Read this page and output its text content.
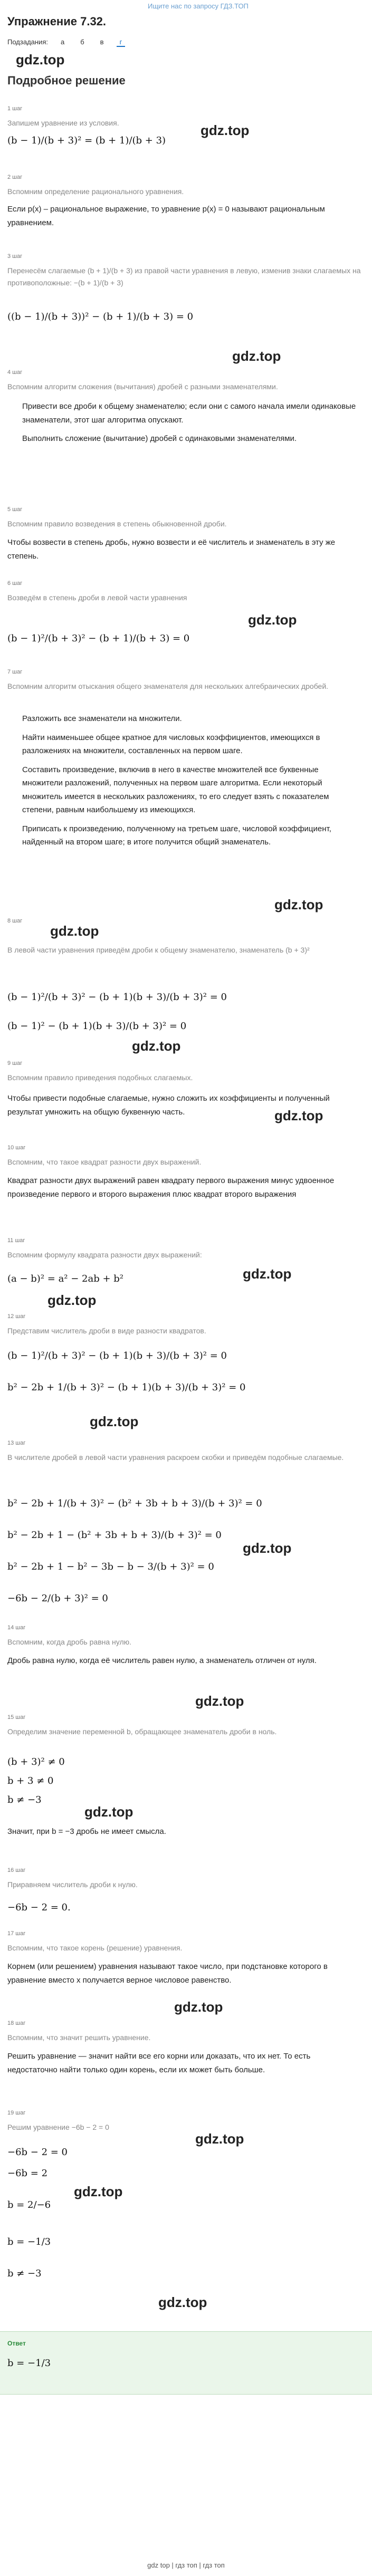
Ищите нас по запросу ГДЗ.ТОП
Упражнение 7.32.
Подзадания:	а	б	в	г
gdz.top
Подробное решение
gdz.top
1 шаг
Запишем уравнение из условия.
(b − 1)/(b + 3)² = (b + 1)/(b + 3)
2 шаг
Вспомним определение рационального уравнения.
Если p(x) – рациональное выражение, то уравнение p(x) = 0 называют рациональным уравнением.
3 шаг
Перенесём слагаемые (b + 1)/(b + 3) из правой части уравнения в левую, изменив знаки слагаемых на противоположные: −(b + 1)/(b + 3)
((b − 1)/(b + 3))² − (b + 1)/(b + 3) = 0
gdz.top
4 шаг
Вспомним алгоритм сложения (вычитания) дробей с разными знаменателями.
Привести все дроби к общему знаменателю; если они с самого начала имели одинаковые знаменатели, этот шаг алгоритма опускают.
Выполнить сложение (вычитание) дробей с одинаковыми знаменателями.
5 шаг
Вспомним правило возведения в степень обыкновенной дроби.
Чтобы возвести в степень дробь, нужно возвести и её числитель и знаменатель в эту же степень.
6 шаг
Возведём в степень дроби в левой части уравнения
gdz.top
(b − 1)²/(b + 3)² − (b + 1)/(b + 3) = 0
7 шаг
Вспомним алгоритм отыскания общего знаменателя для нескольких алгебраических дробей.
Разложить все знаменатели на множители.
Найти наименьшее общее кратное для числовых коэффициентов, имеющихся в разложениях на множители, составленных на первом шаге.
Составить произведение, включив в него в качестве множителей все буквенные множители разложений, полученных на первом шаге алгоритма. Если некоторый множитель имеется в нескольких разложениях, то его следует взять с показателем степени, равным наибольшему из имеющихся.
Приписать к произведению, полученному на третьем шаге, числовой коэффициент, найденный на втором шаге; в итоге получится общий знаменатель.
gdz.top
8 шаг
gdz.top
В левой части уравнения приведём дроби к общему знаменателю, знаменатель (b + 3)²
(b − 1)²/(b + 3)² − (b + 1)(b + 3)/(b + 3)² = 0
(b − 1)² − (b + 1)(b + 3)/(b + 3)² = 0
gdz.top
9 шаг
Вспомним правило приведения подобных слагаемых.
Чтобы привести подобные слагаемые, нужно сложить их коэффициенты и полученный результат умножить на общую буквенную часть.	gdz.top
10 шаг
Вспомним, что такое квадрат разности двух выражений.
Квадрат разности двух выражений равен квадрату первого выражения минус удвоенное произведение первого и второго выражения плюс квадрат второго выражения
11 шаг
Вспомним формулу квадрата разности двух выражений:
gdz.top
(a − b)² = a² − 2ab + b²
gdz.top
12 шаг
Представим числитель дроби в виде разности квадратов.
(b − 1)²/(b + 3)² − (b + 1)(b + 3)/(b + 3)² = 0
b² − 2b + 1/(b + 3)² − (b + 1)(b + 3)/(b + 3)² = 0
gdz.top
13 шаг
В числителе дробей в левой части уравнения раскроем скобки и приведём подобные слагаемые.
b² − 2b + 1/(b + 3)² − (b² + 3b + b + 3)/(b + 3)² = 0
b² − 2b + 1 − (b² + 3b + b + 3)/(b + 3)² = 0
gdz.top
b² − 2b + 1 − b² − 3b − b − 3/(b + 3)² = 0
−6b − 2/(b + 3)² = 0
14 шаг
Вспомним, когда дробь равна нулю.
Дробь равна нулю, когда её числитель равен нулю, а знаменатель отличен от нуля.
gdz.top
15 шаг
Определим значение переменной b, обращающее знаменатель дроби в ноль.
(b + 3)² ≠ 0
b + 3 ≠ 0
b ≠ −3
gdz.top
Значит, при b = −3 дробь не имеет смысла.
16 шаг
Приравняем числитель дроби к нулю.
−6b − 2 = 0.
17 шаг
Вспомним, что такое корень (решение) уравнения.
Корнем (или решением) уравнения называют такое число, при подстановке которого в уравнение вместо x получается верное числовое равенство.
gdz.top
18 шаг
Вспомним, что значит решить уравнение.
Решить уравнение — значит найти все его корни или доказать, что их нет. То есть недостаточно найти только один корень, если их может быть больше.
19 шаг
Решим уравнение −6b − 2 = 0
gdz.top
−6b − 2 = 0
−6b = 2
gdz.top
b = 2/−6
b = −1/3
b ≠ −3
gdz.top
Ответ
b = −1/3
gdz top | гдз топ | гдз топ
